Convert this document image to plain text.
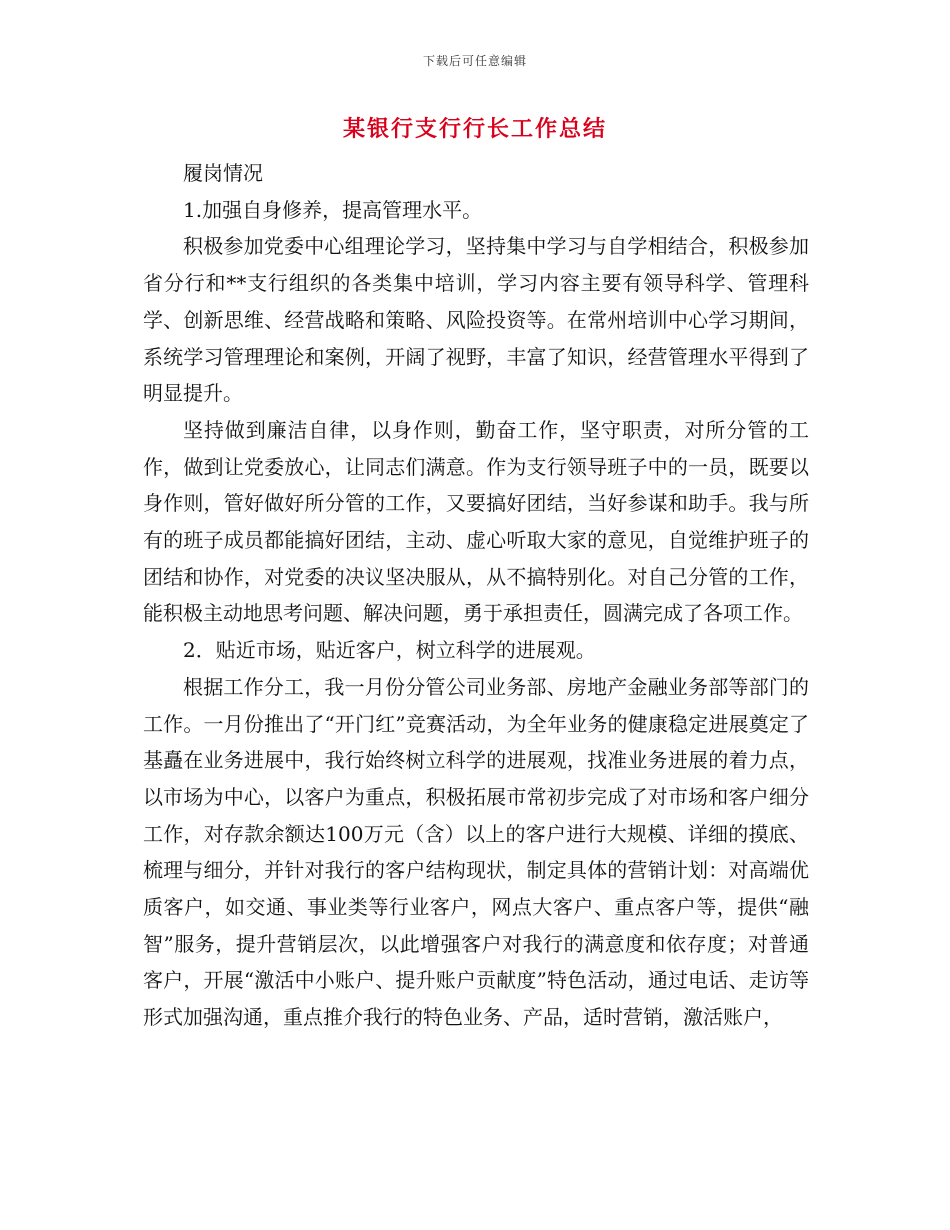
下载后可任意编辑
某银行支行行长工作总结

履岗情况

1.加强自身修养，提高管理水平。

积极参加党委中心组理论学习，坚持集中学习与自学相结合，积极参加省分行和**支行组织的各类集中培训，学习内容主要有领导科学、管理科学、创新思维、经营战略和策略、风险投资等。在常州培训中心学习期间，系统学习管理理论和案例，开阔了视野，丰富了知识，经营管理水平得到了明显提升。

坚持做到廉洁自律，以身作则，勤奋工作，坚守职责，对所分管的工作，做到让党委放心，让同志们满意。作为支行领导班子中的一员，既要以身作则，管好做好所分管的工作，又要搞好团结，当好参谋和助手。我与所有的班子成员都能搞好团结，主动、虚心听取大家的意见，自觉维护班子的团结和协作，对党委的决议坚决服从，从不搞特别化。对自己分管的工作，能积极主动地思考问题、解决问题，勇于承担责任，圆满完成了各项工作。

2．贴近市场，贴近客户，树立科学的进展观。

根据工作分工，我一月份分管公司业务部、房地产金融业务部等部门的工作。一月份推出了“开门红”竞赛活动，为全年业务的健康稳定进展奠定了基矗在业务进展中，我行始终树立科学的进展观，找准业务进展的着力点，以市场为中心，以客户为重点，积极拓展市常初步完成了对市场和客户细分工作，对存款余额达100万元（含）以上的客户进行大规模、详细的摸底、梳理与细分，并针对我行的客户结构现状，制定具体的营销计划：对高端优质客户，如交通、事业类等行业客户，网点大客户、重点客户等，提供“融智”服务，提升营销层次，以此增强客户对我行的满意度和依存度；对普通客户，开展“激活中小账户、提升账户贡献度”特色活动，通过电话、走访等形式加强沟通，重点推介我行的特色业务、产品，适时营销，激活账户，
